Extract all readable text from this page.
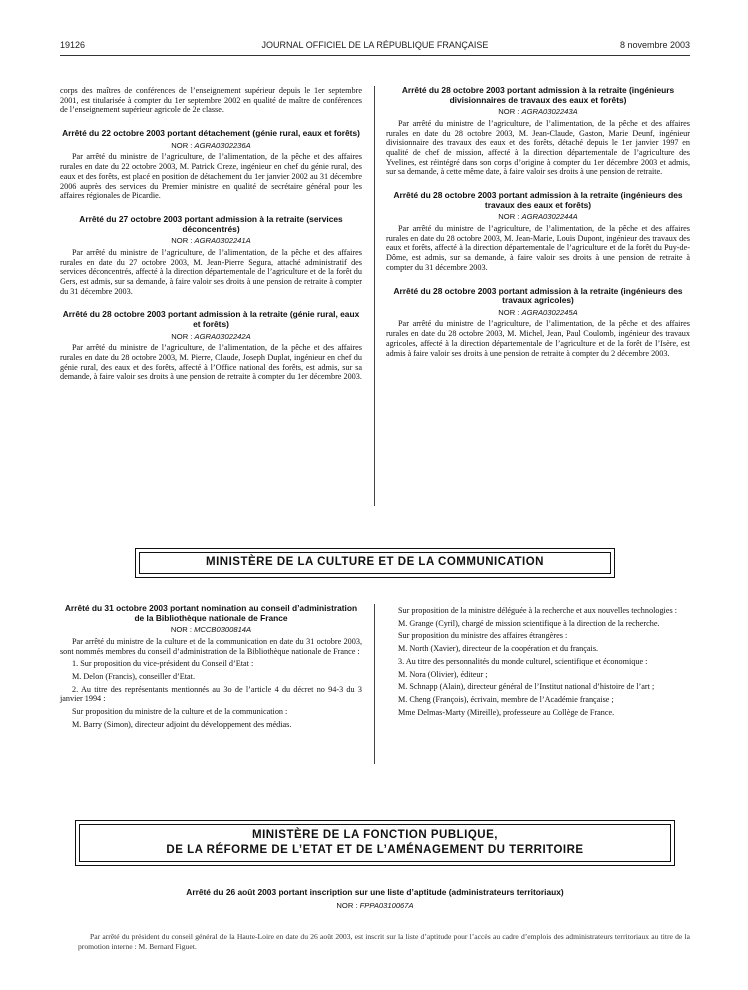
19126	JOURNAL OFFICIEL DE LA RÉPUBLIQUE FRANÇAISE	8 novembre 2003

corps des maîtres de conférences de l’enseignement supérieur depuis le 1er septembre 2001, est titularisée à compter du 1er septembre 2002 en qualité de maître de conférences de l’enseignement supérieur agricole de 2e classe.

Arrêté du 22 octobre 2003 portant détachement (génie rural, eaux et forêts)

NOR : AGRA0302236A

Par arrêté du ministre de l’agriculture, de l’alimentation, de la pêche et des affaires rurales en date du 22 octobre 2003, M. Patrick Creze, ingénieur en chef du génie rural, des eaux et des forêts, est placé en position de détachement du 1er janvier 2002 au 31 décembre 2006 auprès des services du Premier ministre en qualité de secrétaire général pour les affaires régionales de Picardie.

Arrêté du 27 octobre 2003 portant admission à la retraite (services déconcentrés)

NOR : AGRA0302241A

Par arrêté du ministre de l’agriculture, de l’alimentation, de la pêche et des affaires rurales en date du 27 octobre 2003, M. Jean-Pierre Segura, attaché administratif des services déconcentrés, affecté à la direction départementale de l’agriculture et de la forêt du Gers, est admis, sur sa demande, à faire valoir ses droits à une pension de retraite à compter du 31 décembre 2003.

Arrêté du 28 octobre 2003 portant admission à la retraite (génie rural, eaux et forêts)

NOR : AGRA0302242A

Par arrêté du ministre de l’agriculture, de l’alimentation, de la pêche et des affaires rurales en date du 28 octobre 2003, M. Pierre, Claude, Joseph Duplat, ingénieur en chef du génie rural, des eaux et des forêts, affecté à l’Office national des forêts, est admis, sur sa demande, à faire valoir ses droits à une pension de retraite à compter du 1er décembre 2003.

Arrêté du 28 octobre 2003 portant admission à la retraite (ingénieurs divisionnaires de travaux des eaux et forêts)

NOR : AGRA0302243A

Par arrêté du ministre de l’agriculture, de l’alimentation, de la pêche et des affaires rurales en date du 28 octobre 2003, M. Jean-Claude, Gaston, Marie Deunf, ingénieur divisionnaire des travaux des eaux et des forêts, détaché depuis le 1er janvier 1997 en qualité de chef de mission, affecté à la direction départementale de l’agriculture des Yvelines, est réintégré dans son corps d’origine à compter du 1er décembre 2003 et admis, sur sa demande, à cette même date, à faire valoir ses droits à une pension de retraite.

Arrêté du 28 octobre 2003 portant admission à la retraite (ingénieurs des travaux des eaux et forêts)

NOR : AGRA0302244A

Par arrêté du ministre de l’agriculture, de l’alimentation, de la pêche et des affaires rurales en date du 28 octobre 2003, M. Jean-Marie, Louis Dupont, ingénieur des travaux des eaux et forêts, affecté à la direction départementale de l’agriculture et de la forêt du Puy-de-Dôme, est admis, sur sa demande, à faire valoir ses droits à une pension de retraite à compter du 31 décembre 2003.

Arrêté du 28 octobre 2003 portant admission à la retraite (ingénieurs des travaux agricoles)

NOR : AGRA0302245A

Par arrêté du ministre de l’agriculture, de l’alimentation, de la pêche et des affaires rurales en date du 28 octobre 2003, M. Michel, Jean, Paul Coulomb, ingénieur des travaux agricoles, affecté à la direction départementale de l’agriculture et de la forêt de l’Isère, est admis à faire valoir ses droits à une pension de retraite à compter du 2 décembre 2003.

MINISTÈRE DE LA CULTURE ET DE LA COMMUNICATION

Arrêté du 31 octobre 2003 portant nomination au conseil d’administration de la Bibliothèque nationale de France

NOR : MCCB0300814A

Par arrêté du ministre de la culture et de la communication en date du 31 octobre 2003, sont nommés membres du conseil d’administration de la Bibliothèque nationale de France :

1. Sur proposition du vice-président du Conseil d’Etat :

M. Delon (Francis), conseiller d’Etat.

2. Au titre des représentants mentionnés au 3o de l’article 4 du décret no 94-3 du 3 janvier 1994 :

Sur proposition du ministre de la culture et de la communication :

M. Barry (Simon), directeur adjoint du développement des médias.

Sur proposition de la ministre déléguée à la recherche et aux nouvelles technologies :

M. Grange (Cyril), chargé de mission scientifique à la direction de la recherche.

Sur proposition du ministre des affaires étrangères :

M. North (Xavier), directeur de la coopération et du français.

3. Au titre des personnalités du monde culturel, scientifique et économique :

M. Nora (Olivier), éditeur ;

M. Schnapp (Alain), directeur général de l’Institut national d’histoire de l’art ;

M. Cheng (François), écrivain, membre de l’Académie française ;

Mme Delmas-Marty (Mireille), professeure au Collège de France.

MINISTÈRE DE LA FONCTION PUBLIQUE,
DE LA RÉFORME DE L’ETAT ET DE L’AMÉNAGEMENT DU TERRITOIRE

Arrêté du 26 août 2003 portant inscription sur une liste d’aptitude (administrateurs territoriaux)

NOR : FPPA0310067A

Par arrêté du président du conseil général de la Haute-Loire en date du 26 août 2003, est inscrit sur la liste d’aptitude pour l’accès au cadre d’emplois des administrateurs territoriaux au titre de la promotion interne : M. Bernard Figuet.
